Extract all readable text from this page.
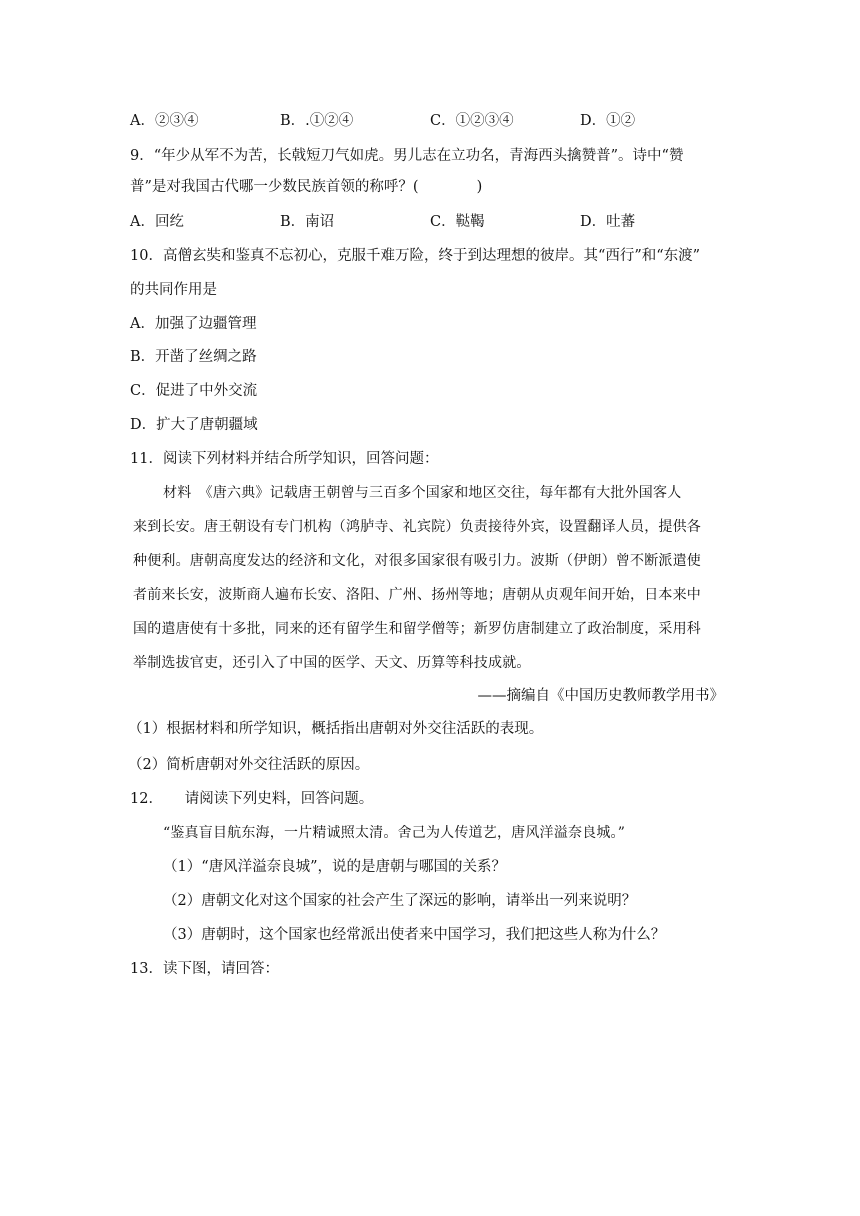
A．②③④	B．.①②④	C．①②③④	D．①②
9．“年少从军不为苦，长戟短刀气如虎。男儿志在立功名，青海西头擒赞普”。诗中“赞
普”是对我国古代哪一少数民族首领的称呼？(　　　　)
A．回纥	B．南诏	C．鞑鞨	D．吐蕃
10．高僧玄奘和鉴真不忘初心，克服千难万险，终于到达理想的彼岸。其“西行”和“东渡”
的共同作用是
A．加强了边疆管理
B．开凿了丝绸之路
C．促进了中外交流
D．扩大了唐朝疆域
11．阅读下列材料并结合所学知识，回答问题：
材料　《唐六典》记载唐王朝曾与三百多个国家和地区交往，每年都有大批外国客人
来到长安。唐王朝设有专门机构（鸿胪寺、礼宾院）负责接待外宾，设置翻译人员，提供各
种便利。唐朝高度发达的经济和文化，对很多国家很有吸引力。波斯（伊朗）曾不断派遣使
者前来长安，波斯商人遍布长安、洛阳、广州、扬州等地；唐朝从贞观年间开始，日本来中
国的遣唐使有十多批，同来的还有留学生和留学僧等；新罗仿唐制建立了政治制度，采用科
举制选拔官吏，还引入了中国的医学、天文、历算等科技成就。
——摘编自《中国历史教师教学用书》
（1）根据材料和所学知识，概括指出唐朝对外交往活跃的表现。
（2）简析唐朝对外交往活跃的原因。
12．　　请阅读下列史料，回答问题。
“鉴真盲目航东海，一片精诚照太清。舍己为人传道艺，唐风洋溢奈良城。”
（1）“唐风洋溢奈良城”，说的是唐朝与哪国的关系？
（2）唐朝文化对这个国家的社会产生了深远的影响，请举出一列来说明？
（3）唐朝时，这个国家也经常派出使者来中国学习，我们把这些人称为什么？
13．读下图，请回答：
